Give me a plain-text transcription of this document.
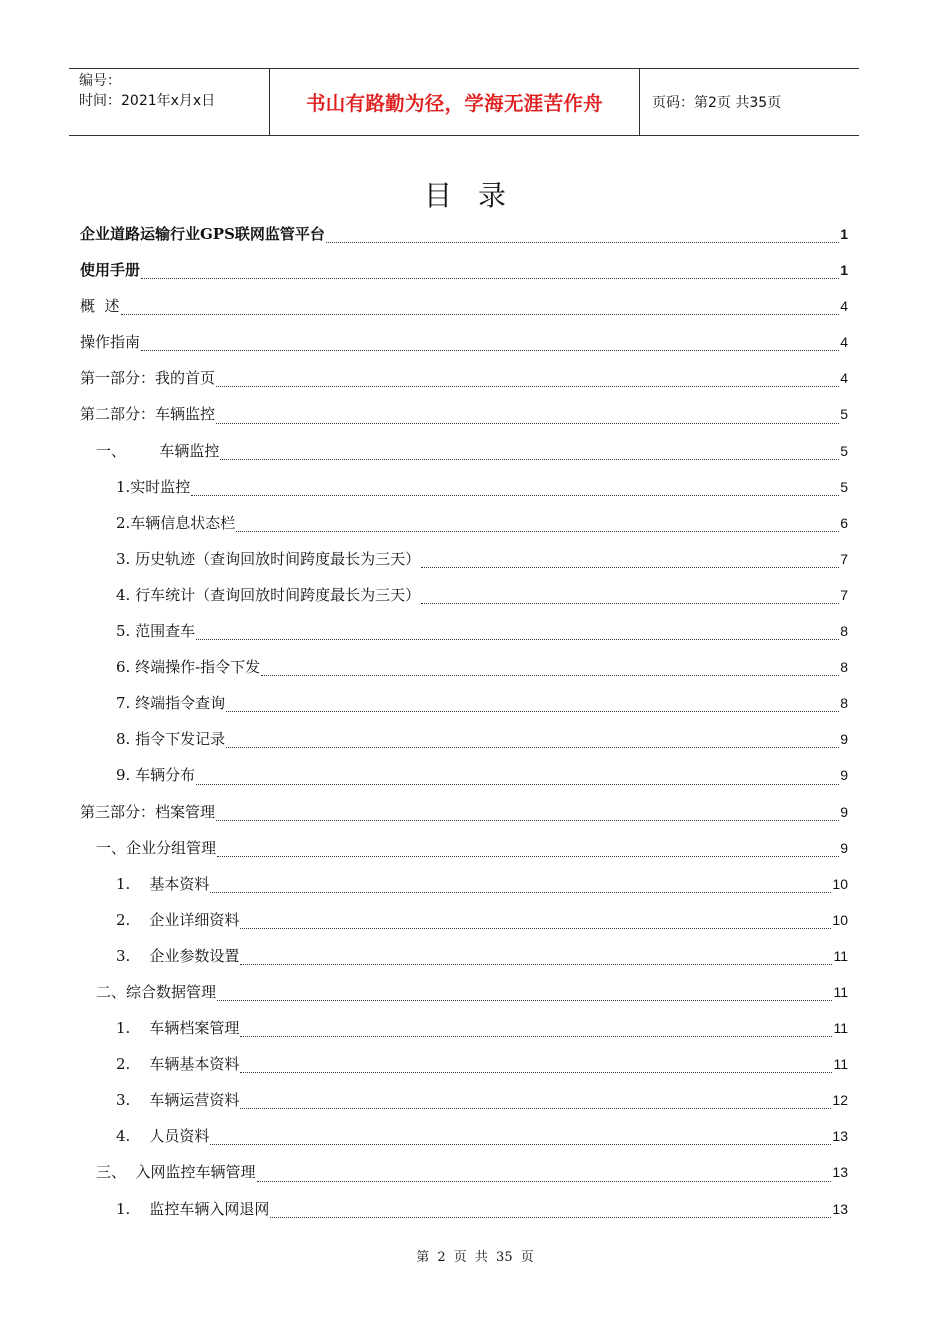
编号：
时间：2021年x月x日	书山有路勤为径，学海无涯苦作舟	页码：第2页 共35页
目录
企业道路运输行业GPS联网监管平台	1
使用手册	1
概  述	4
操作指南	4
第一部分：我的首页	4
第二部分：车辆监控	5
一、       车辆监控	5
1.实时监控	5
2.车辆信息状态栏	6
3. 历史轨迹（查询回放时间跨度最长为三天）	7
4. 行车统计（查询回放时间跨度最长为三天）	7
5. 范围查车	8
6. 终端操作-指令下发	8
7. 终端指令查询	8
8. 指令下发记录	9
9. 车辆分布	9
第三部分：档案管理	9
一、企业分组管理	9
1.    基本资料	10
2.    企业详细资料	10
3.    企业参数设置	11
二、综合数据管理	11
1.    车辆档案管理	11
2.    车辆基本资料	11
3.    车辆运营资料	12
4.    人员资料	13
三、  入网监控车辆管理	13
1.    监控车辆入网退网	13
第 2 页 共 35 页
